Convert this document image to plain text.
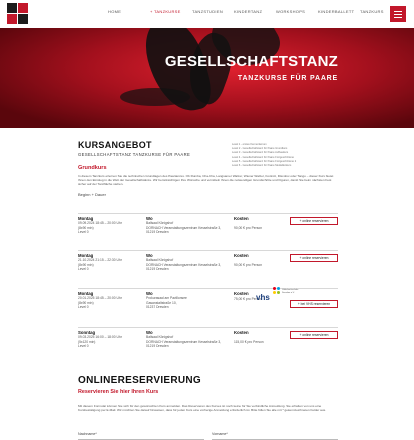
HOME	+ TANZKURSE	TANZSTUDIEN	KINDERTANZ	WORKSHOPS	KINDERBALLETT	TANZKURS
GESELLSCHAFTSTANZ
TANZKURSE FÜR PAARE
KURSANGEBOT
GESELLSCHAFTSTANZ TANZKURSE FÜR PAARE
Level 1 - erstes Kennenlernen
Level 2 - Gesellschaftstanz für Paare Grundkurs
Level 3 - Gesellschaftstanz für Paare Aufbaukurs
Level 4 - Gesellschaftstanz für Paare Fortgeschrittene
Level 5 - Gesellschaftstanz für Paare Fortgeschrittene 2
Level 6 - Gesellschaftstanz für Paare Medaillenkurs
Grundkurs
In diesem Tanzkurs erlernen Sie die technischen Grundlagen des Paartanzes. Ob Rumba, Cha-Cha, Langsamer Walzer, Wiener Walzer, Foxtrott, Discofox oder Tango – dieser Kurs bietet Ihnen den Einstieg in die Welt der Gesellschaftstänze. Wir berücksichtigen Ihre Wünsche und vermitteln Ihnen die notwendigen Grundschritte und Figuren, damit Sie beim nächsten Fest sicher auf der Tanzfläche stehen.
Beginn + Dauer
Montag
09.09.2024 18:45 – 20:00 Uhr
(8x90 min)
Level 0
Wo
Ballsaal Königshof
DORNACH Veranstaltungszentrum Kesselstraße 3,
01219 Dresden
Kosten
90,00 € pro Person
+ online reservieren
Montag
21.10.2024 21:15 – 22:30 Uhr
(8x90 min)
Level 0
Wo
Ballsaal Königshof
DORNACH Veranstaltungszentrum Kesselstraße 3,
01219 Dresden
Kosten
90,00 € pro Person
+ online reservieren
Montag
20.01.2025 18:45 – 20:00 Uhr
(8x90 min)
Level 0
Wo
Prokurasaal am Pavillonsee
Gasanstaltstraße 10,
01237 Dresden
Kosten
75,00 € pro Person
vhs
Volkshochschule Dresden e.V.
+ bei VHS reservieren
Sonntag
09.03.2025 16:00 – 18:00 Uhr
(5x120 min)
Level 0
Wo
Ballsaal Königshof
DORNACH Veranstaltungszentrum Kesselstraße 3,
01219 Dresden
Kosten
115,00 € pro Person
+ online reservieren
ONLINERESERVIERUNG
Reservieren Sie hier Ihren Kurs
Mit diesem Formular können Sie sich für den gewünschten Kurs anmelden. Das Reservieren des Kurses ist noch keine für Sie verbindliche Anmeldung. Sie erhalten von uns eine Kursbestätigung per E-Mail. Wir möchten Sie darauf hinweisen, dass für jeden Kurs eine vorherige Anmeldung erforderlich ist. Bitte füllen Sie alle mit * gekennzeichneten Felder aus.
Nachname*	Vorname*
